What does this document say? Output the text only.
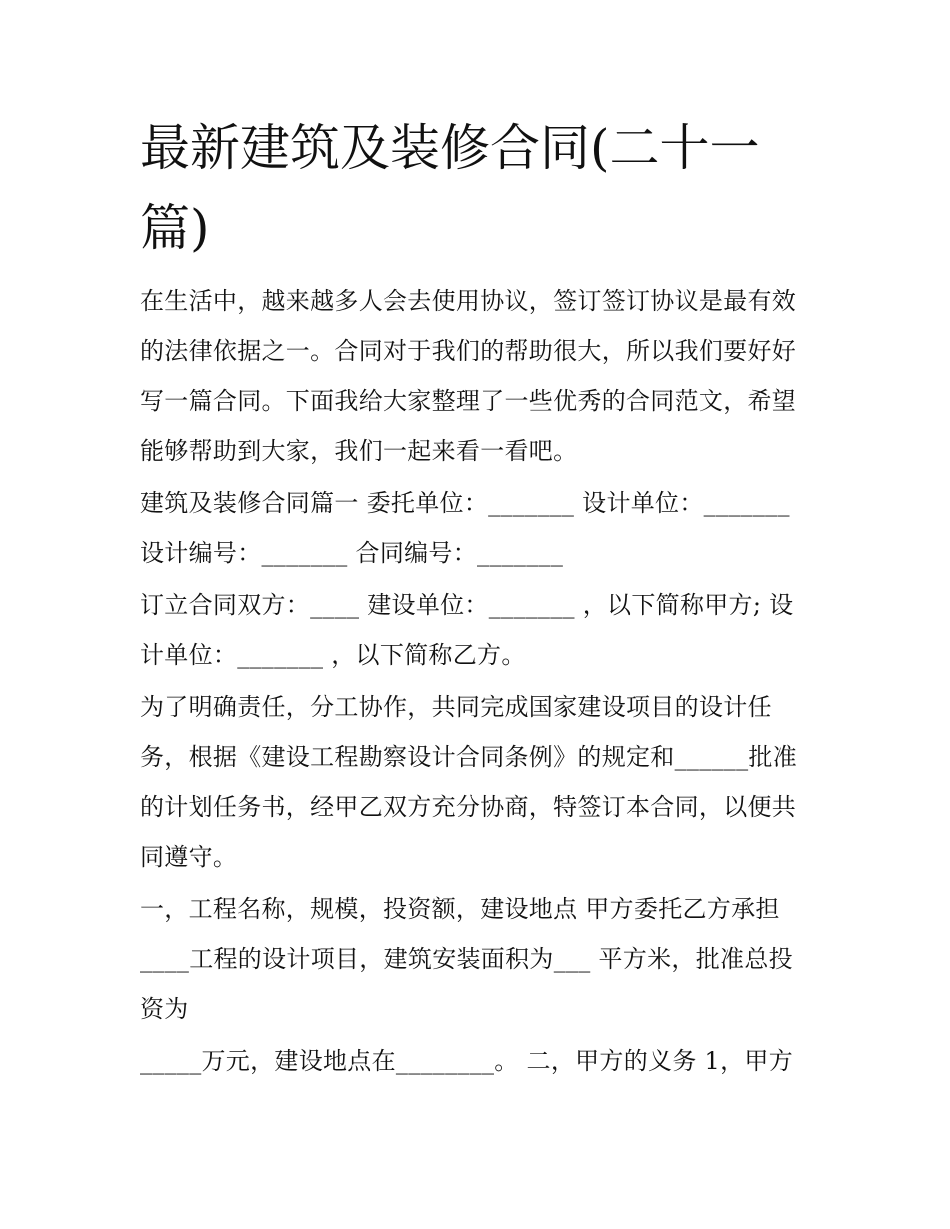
最新建筑及装修合同(二十一
篇)
在生活中，越来越多人会去使用协议，签订签订协议是最有效
的法律依据之一。合同对于我们的帮助很大，所以我们要好好
写一篇合同。下面我给大家整理了一些优秀的合同范文，希望
能够帮助到大家，我们一起来看一看吧。
建筑及装修合同篇一 委托单位：_______ 设计单位：_______
设计编号：_______ 合同编号：_______
订立合同双方：____ 建设单位：_______ ，以下简称甲方; 设
计单位：_______ ，以下简称乙方。
为了明确责任，分工协作，共同完成国家建设项目的设计任
务，根据《建设工程勘察设计合同条例》的规定和______批准
的计划任务书，经甲乙双方充分协商，特签订本合同，以便共
同遵守。
一，工程名称，规模，投资额，建设地点 甲方委托乙方承担
____工程的设计项目，建筑安装面积为___ 平方米，批准总投
资为
_____万元，建设地点在________。 二，甲方的义务 1，甲方
